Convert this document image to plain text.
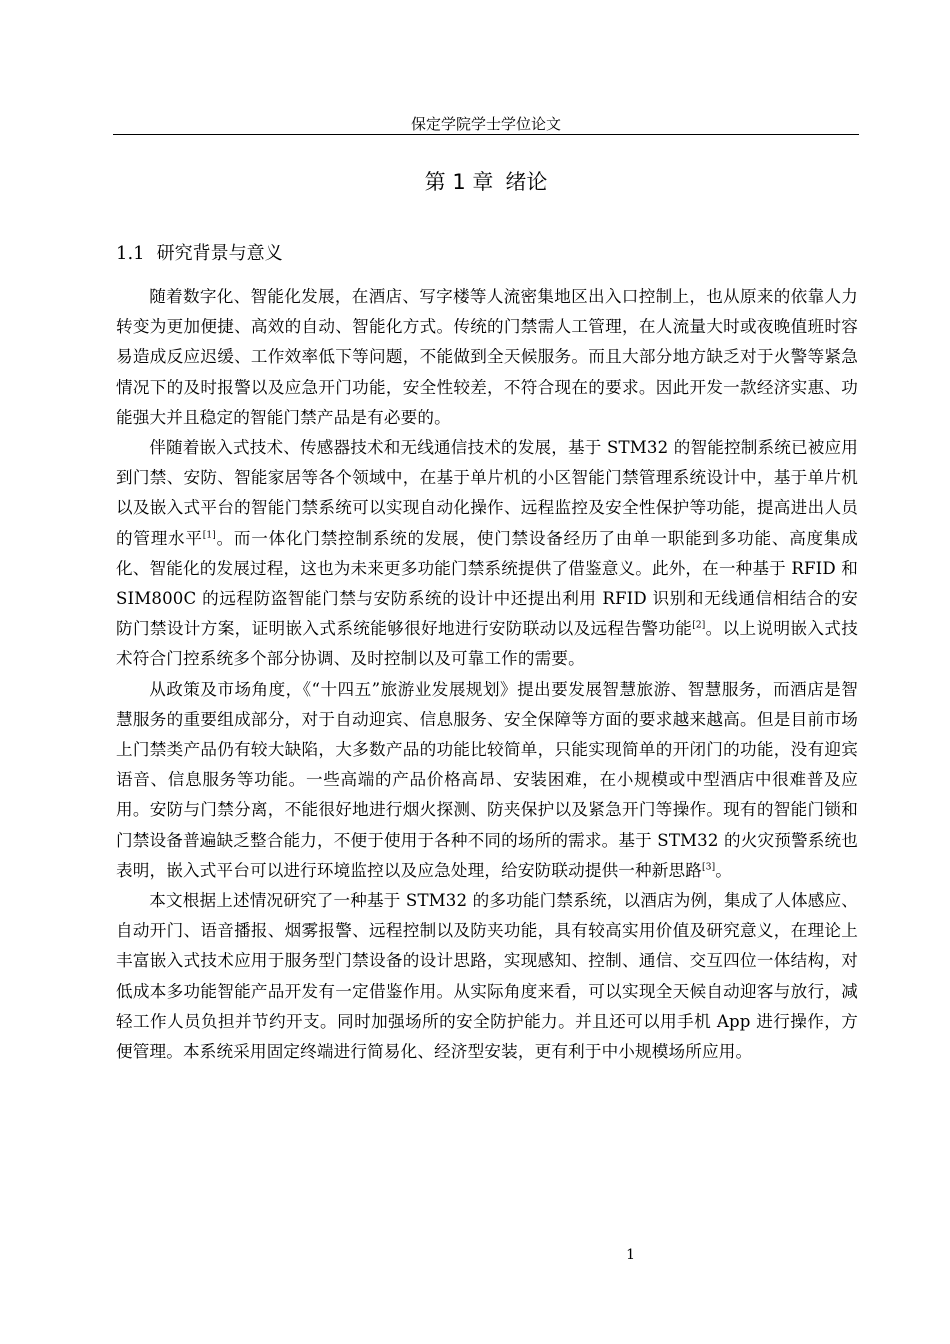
保定学院学士学位论文
第 1 章 绪论
1.1 研究背景与意义

随着数字化、智能化发展，在酒店、写字楼等人流密集地区出入口控制上，也从原来的依靠人力转变为更加便捷、高效的自动、智能化方式。传统的门禁需人工管理，在人流量大时或夜晚值班时容易造成反应迟缓、工作效率低下等问题，不能做到全天候服务。而且大部分地方缺乏对于火警等紧急情况下的及时报警以及应急开门功能，安全性较差，不符合现在的要求。因此开发一款经济实惠、功能强大并且稳定的智能门禁产品是有必要的。

伴随着嵌入式技术、传感器技术和无线通信技术的发展，基于 STM32 的智能控制系统已被应用到门禁、安防、智能家居等各个领域中，在基于单片机的小区智能门禁管理系统设计中，基于单片机以及嵌入式平台的智能门禁系统可以实现自动化操作、远程监控及安全性保护等功能，提高进出人员的管理水平[1]。而一体化门禁控制系统的发展，使门禁设备经历了由单一职能到多功能、高度集成化、智能化的发展过程，这也为未来更多功能门禁系统提供了借鉴意义。此外，在一种基于 RFID 和 SIM800C 的远程防盗智能门禁与安防系统的设计中还提出利用 RFID 识别和无线通信相结合的安防门禁设计方案，证明嵌入式系统能够很好地进行安防联动以及远程告警功能[2]。以上说明嵌入式技术符合门控系统多个部分协调、及时控制以及可靠工作的需要。

从政策及市场角度，《“十四五”旅游业发展规划》提出要发展智慧旅游、智慧服务，而酒店是智慧服务的重要组成部分，对于自动迎宾、信息服务、安全保障等方面的要求越来越高。但是目前市场上门禁类产品仍有较大缺陷，大多数产品的功能比较简单，只能实现简单的开闭门的功能，没有迎宾语音、信息服务等功能。一些高端的产品价格高昂、安装困难，在小规模或中型酒店中很难普及应用。安防与门禁分离，不能很好地进行烟火探测、防夹保护以及紧急开门等操作。现有的智能门锁和门禁设备普遍缺乏整合能力，不便于使用于各种不同的场所的需求。基于 STM32 的火灾预警系统也表明，嵌入式平台可以进行环境监控以及应急处理，给安防联动提供一种新思路[3]。

本文根据上述情况研究了一种基于 STM32 的多功能门禁系统，以酒店为例，集成了人体感应、自动开门、语音播报、烟雾报警、远程控制以及防夹功能，具有较高实用价值及研究意义，在理论上丰富嵌入式技术应用于服务型门禁设备的设计思路，实现感知、控制、通信、交互四位一体结构，对低成本多功能智能产品开发有一定借鉴作用。从实际角度来看，可以实现全天候自动迎客与放行，减轻工作人员负担并节约开支。同时加强场所的安全防护能力。并且还可以用手机 App 进行操作，方便管理。本系统采用固定终端进行简易化、经济型安装，更有利于中小规模场所应用。

1
